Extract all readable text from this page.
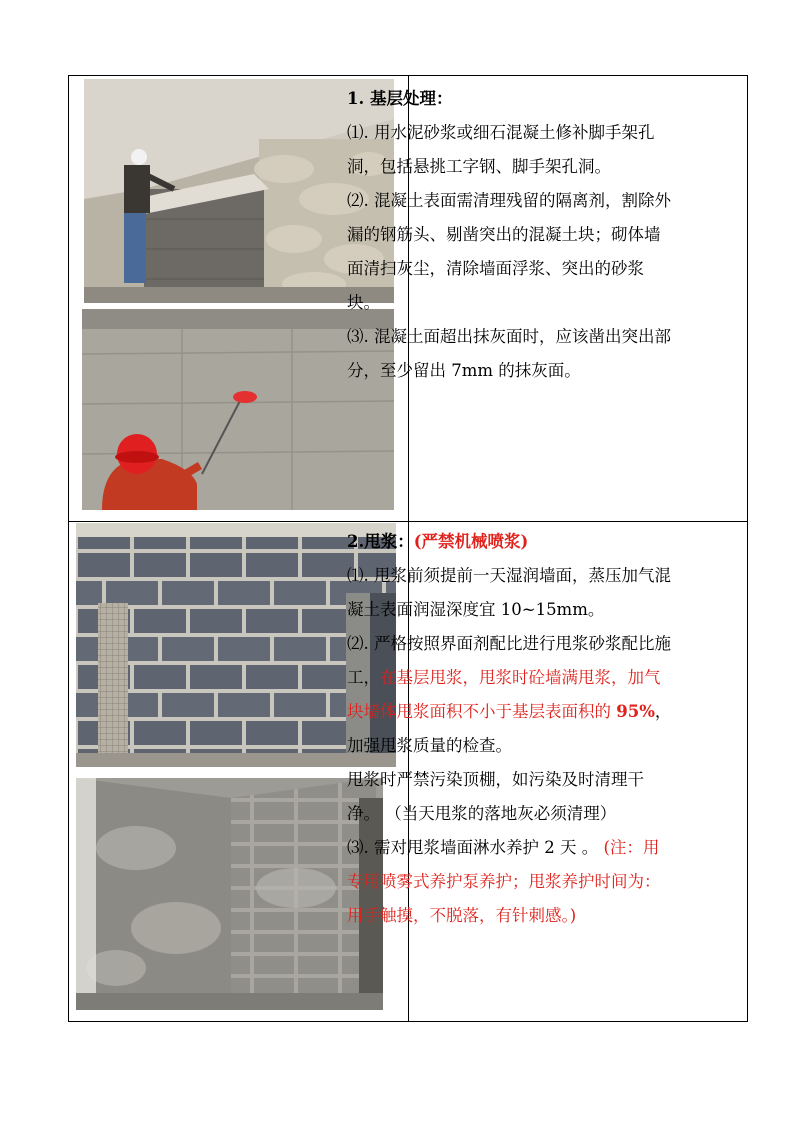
1. 基层处理：

⑴. 用水泥砂浆或细石混凝土修补脚手架孔洞，包括悬挑工字钢、脚手架孔洞。

⑵. 混凝土表面需清理残留的隔离剂，割除外漏的钢筋头、剔凿突出的混凝土块；砌体墙面清扫灰尘，清除墙面浮浆、突出的砂浆块。

⑶. 混凝土面超出抹灰面时，应该凿出突出部分，至少留出 7mm 的抹灰面。

2.甩浆：(严禁机械喷浆)

⑴. 甩浆前须提前一天湿润墙面，蒸压加气混凝土表面润湿深度宜 10~15mm。

⑵. 严格按照界面剂配比进行甩浆砂浆配比施工，在基层甩浆，甩浆时砼墙满甩浆，加气块墙体甩浆面积不小于基层表面积的 95%，加强甩浆质量的检查。

甩浆时严禁污染顶棚，如污染及时清理干净。 （当天甩浆的落地灰必须清理）

⑶. 需对甩浆墙面淋水养护 2 天 。 (注：用专用喷雾式养护泵养护；甩浆养护时间为：用手触摸，不脱落，有针刺感。)
